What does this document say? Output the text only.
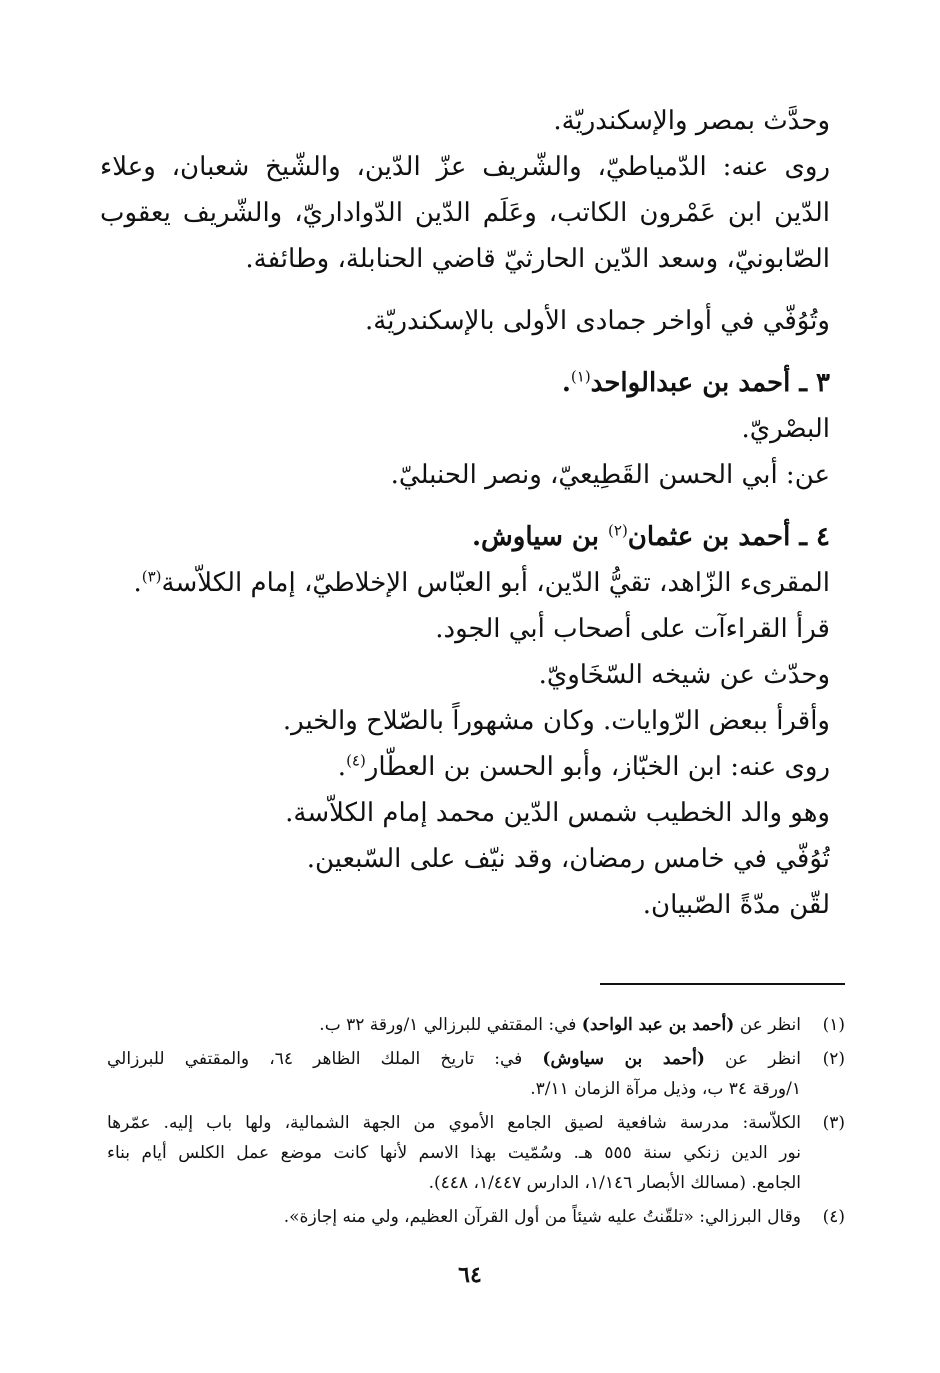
وحدَّث بمصر والإسكندريّة.
روى عنه: الدّمياطيّ، والشّريف عزّ الدّين، والشّيخ شعبان، وعلاء
الدّين ابن عَمْرون الكاتب، وعَلَم الدّين الدّواداريّ، والشّريف يعقوب
الصّابونيّ، وسعد الدّين الحارثيّ قاضي الحنابلة، وطائفة.
وتُوُفّي في أواخر جمادى الأولى بالإسكندريّة.
٣ ـ أحمد بن عبدالواحد$^{(١)}$.
البصْريّ.
عن: أبي الحسن القَطِيعيّ، ونصر الحنبليّ.
٤ ـ أحمد بن عثمان$^{(٢)}$ بن سياوش.
المقرىء الزّاهد، تقيُّ الدّين، أبو العبّاس الإخلاطيّ، إمام الكلاّسة$^{(٣)}$.
قرأ القراءآت على أصحاب أبي الجود.
وحدّث عن شيخه السّخَاويّ.
وأقرأ ببعض الرّوايات. وكان مشهوراً بالصّلاح والخير.
روى عنه: ابن الخبّاز، وأبو الحسن بن العطّار$^{(٤)}$.
وهو والد الخطيب شمس الدّين محمد إمام الكلاّسة.
تُوُفّي في خامس رمضان، وقد نيّف على السّبعين.
لقّن مدّةً الصّبيان.
(١)
انظر عن (أحمد بن عبد الواحد) في: المقتفي للبرزالي ١/ورقة ٣٢ ب.
(٢)
انظر عن (أحمد بن سياوش) في: تاريخ الملك الظاهر ٦٤، والمقتفي للبرزالي
١/ورقة ٣٤ ب، وذيل مرآة الزمان ٣/١١.
(٣)
الكلاّسة: مدرسة شافعية لصيق الجامع الأموي من الجهة الشمالية، ولها باب إليه. عمّرها
نور الدين زنكي سنة ٥٥٥ هـ. وسُمّيت بهذا الاسم لأنها كانت موضع عمل الكلس أيام بناء
الجامع. (مسالك الأبصار ١/١٤٦، الدارس ١/٤٤٧، ٤٤٨).
(٤)
وقال البرزالي: «تلقّنتُ عليه شيئاً من أول القرآن العظيم، ولي منه إجازة».
٦٤
